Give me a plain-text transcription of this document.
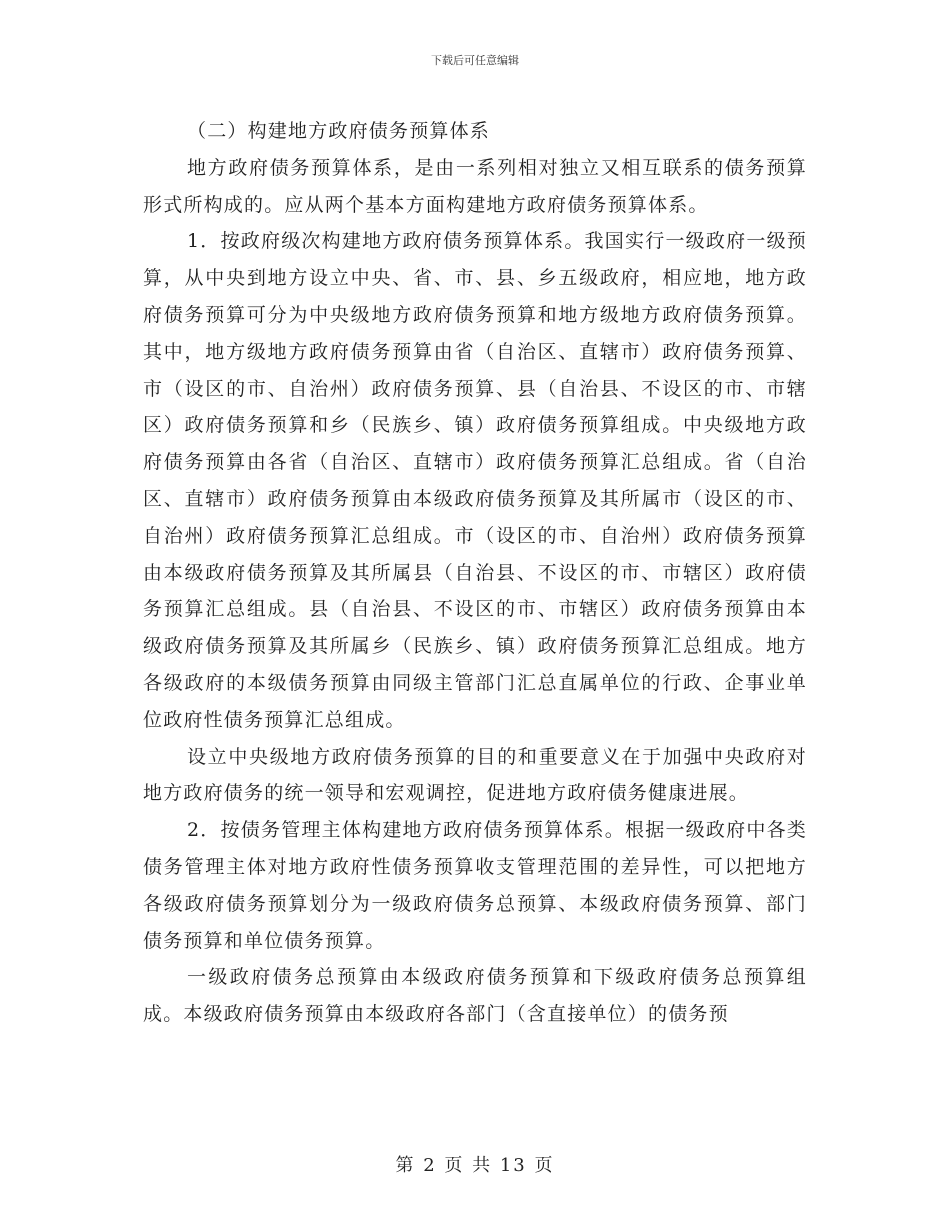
下载后可任意编辑

（二）构建地方政府债务预算体系

地方政府债务预算体系，是由一系列相对独立又相互联系的债务预算形式所构成的。应从两个基本方面构建地方政府债务预算体系。

1．按政府级次构建地方政府债务预算体系。我国实行一级政府一级预算，从中央到地方设立中央、省、市、县、乡五级政府，相应地，地方政府债务预算可分为中央级地方政府债务预算和地方级地方政府债务预算。其中，地方级地方政府债务预算由省（自治区、直辖市）政府债务预算、市（设区的市、自治州）政府债务预算、县（自治县、不设区的市、市辖区）政府债务预算和乡（民族乡、镇）政府债务预算组成。中央级地方政府债务预算由各省（自治区、直辖市）政府债务预算汇总组成。省（自治区、直辖市）政府债务预算由本级政府债务预算及其所属市（设区的市、自治州）政府债务预算汇总组成。市（设区的市、自治州）政府债务预算由本级政府债务预算及其所属县（自治县、不设区的市、市辖区）政府债务预算汇总组成。县（自治县、不设区的市、市辖区）政府债务预算由本级政府债务预算及其所属乡（民族乡、镇）政府债务预算汇总组成。地方各级政府的本级债务预算由同级主管部门汇总直属单位的行政、企事业单位政府性债务预算汇总组成。

设立中央级地方政府债务预算的目的和重要意义在于加强中央政府对地方政府债务的统一领导和宏观调控，促进地方政府债务健康进展。

2．按债务管理主体构建地方政府债务预算体系。根据一级政府中各类债务管理主体对地方政府性债务预算收支管理范围的差异性，可以把地方各级政府债务预算划分为一级政府债务总预算、本级政府债务预算、部门债务预算和单位债务预算。

一级政府债务总预算由本级政府债务预算和下级政府债务总预算组成。本级政府债务预算由本级政府各部门（含直接单位）的债务预

第 2 页 共 13 页
